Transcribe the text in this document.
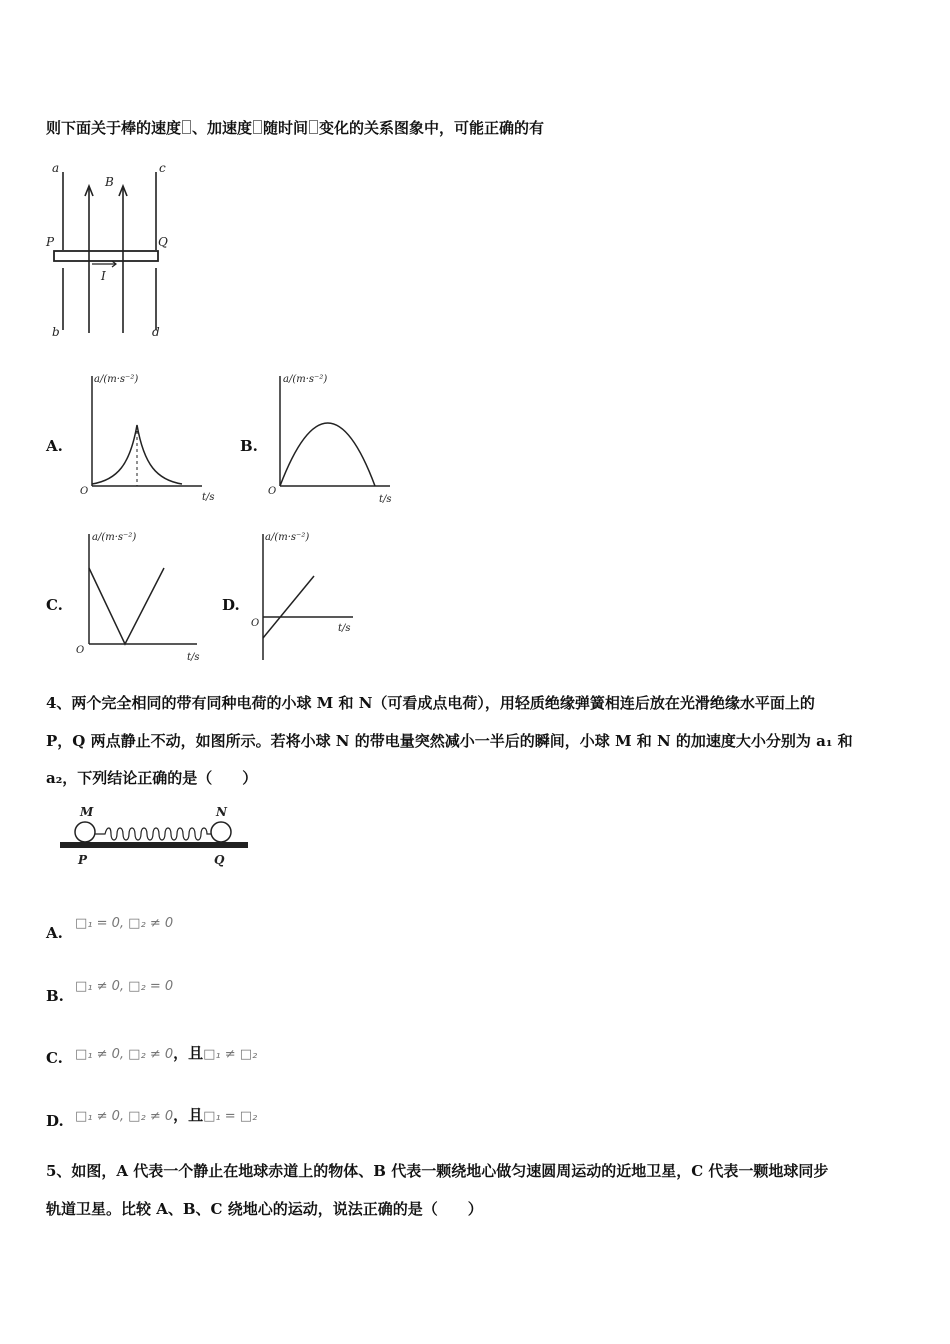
则下面关于棒的速度 、加速度 随时间 变化的关系图象中，可能正确的有
a	c
B
P	Q
I
b	d
A.
a/(m·s⁻²)
O
t/s
B.
a/(m·s⁻²)
O
t/s
C.
a/(m·s⁻²)
O
t/s
D.
a/(m·s⁻²)
O	t/s
4、两个完全相同的带有同种电荷的小球 M 和 N（可看成点电荷），用轻质绝缘弹簧相连后放在光滑绝缘水平面上的
P，Q 两点静止不动，如图所示。若将小球 N 的带电量突然减小一半后的瞬间，小球 M 和 N 的加速度大小分别为 a₁ 和
a₂，下列结论正确的是（　　）
M	N
P	Q
A.
□₁ = 0, □₂ ≠ 0
B.
□₁ ≠ 0, □₂ = 0
C. □₁ ≠ 0, □₂ ≠ 0，且□₁ ≠ □₂
D. □₁ ≠ 0, □₂ ≠ 0，且□₁ = □₂
5、如图，A 代表一个静止在地球赤道上的物体、B 代表一颗绕地心做匀速圆周运动的近地卫星，C 代表一颗地球同步
轨道卫星。比较 A、B、C 绕地心的运动，说法正确的是（　　）
